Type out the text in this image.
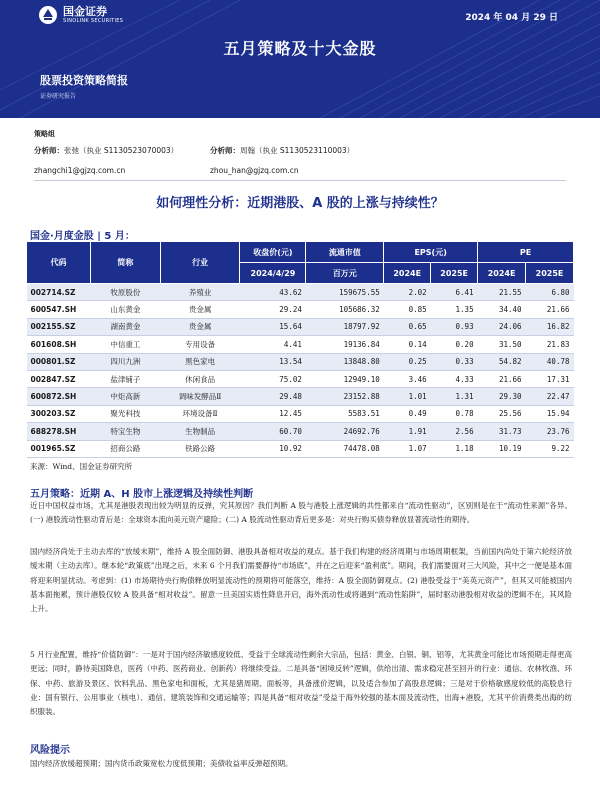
国金证券
SINOLINK SECURITIES	2024 年 04 月 29 日
五月策略及十大金股
股票投资策略简报
证券研究报告
策略组
分析师：张弛（执业 S1130523070003）	分析师：周翰（执业 S1130523110003）
zhangchi1@gjzq.com.cn	zhou_han@gjzq.com.cn
如何理性分析：近期港股、A 股的上涨与持续性？
国金·月度金股 | 5 月：
代码	简称	行业	收盘价(元)	流通市值	EPS(元)		PE	
			2024/4/29	百万元	2024E	2025E	2024E	2025E
002714.SZ	牧原股份	养殖业	43.62	159675.55	2.02	6.41	21.55	6.80
600547.SH	山东黄金	贵金属	29.24	105686.32	0.85	1.35	34.40	21.66
002155.SZ	湖南黄金	贵金属	15.64	18797.92	0.65	0.93	24.06	16.82
601608.SH	中信重工	专用设备	4.41	19136.84	0.14	0.20	31.50	21.83
000801.SZ	四川九洲	黑色家电	13.54	13848.80	0.25	0.33	54.82	40.78
002847.SZ	盐津铺子	休闲食品	75.02	12949.10	3.46	4.33	21.66	17.31
600872.SH	中炬高新	调味发酵品Ⅱ	29.48	23152.88	1.01	1.31	29.30	22.47
300203.SZ	聚光科技	环境设备Ⅱ	12.45	5583.51	0.49	0.78	25.56	15.94
688278.SH	特宝生物	生物制品	60.70	24692.76	1.91	2.56	31.73	23.76
001965.SZ	招商公路	铁路公路	10.92	74478.08	1.07	1.18	10.19	9.22
来源：Wind、国金证券研究所
五月策略：近期 A、H 股市上涨逻辑及持续性判断
近日中国权益市场，尤其是港股表现出较为明显的反弹，究其原因？我们判断 A 股与港股上涨逻辑的共性都来自“流动性驱动”，区别则是在于“流动性来源”各异。(一) 港股流动性驱动背后是：全球资本流向美元资产避险；(二) A 股流动性驱动背后更多是：对央行购买债券释放显著流动性的期待。
国内经济尚处于主动去库的“放缓末期”，维持 A 股全面防御、港股具备相对收益的观点。基于我们构建的经济周期与市场周期框架，当前国内尚处于第六轮经济放缓末期（主动去库）。继本轮“政策底”出现之后，未来 6 个月我们需要静待“市场底”，并在之后迎来“盈利底”。期间，我们需要面对三大风险，其中之一便是基本面将迎来明显扰动。考虑到：(1) 市场期待央行购债释放明显流动性的预期将可能落空，维持：A 股全面防御观点。(2) 港股受益于“美英元资产”，但其又可能被国内基本面拖累，预计港股仅较 A 股具备“相对收益”。留意一旦美国实质性降息开启，海外流动性或将遇到“流动性陷阱”，届时驱动港股相对收益的逻辑不在，其风险上升。
5 月行业配置，维持“价值防御”：一是对于国内经济敏感度较低、受益于全球流动性剩余大宗品，包括：黄金、白银、铜、铝等，尤其黄金可能比市场预期走得更高更远；同时，静待美国降息，医药（中药、医药商业、创新药）将继续受益。二是具备“困境反转”逻辑，供给出清、需求稳定甚至回升的行业：通信、农林牧渔、环保、中药、旅游及景区、饮料乳品、黑色家电和面板，尤其是猪周期、面板等，具备涨价逻辑，以及适合参加了高股息逻辑；三是对于价格敏感度较低的高股息行业：国有银行、公用事业（核电）、通信、建筑装饰和交通运输等；四是具备“相对收益”受益于海外较强的基本面及流动性，出海+港股，尤其平价消费类出海的纺织服装。
风险提示
国内经济放缓超预期；国内货币政策宽松力度低预期；美债收益率反弹超预期。
